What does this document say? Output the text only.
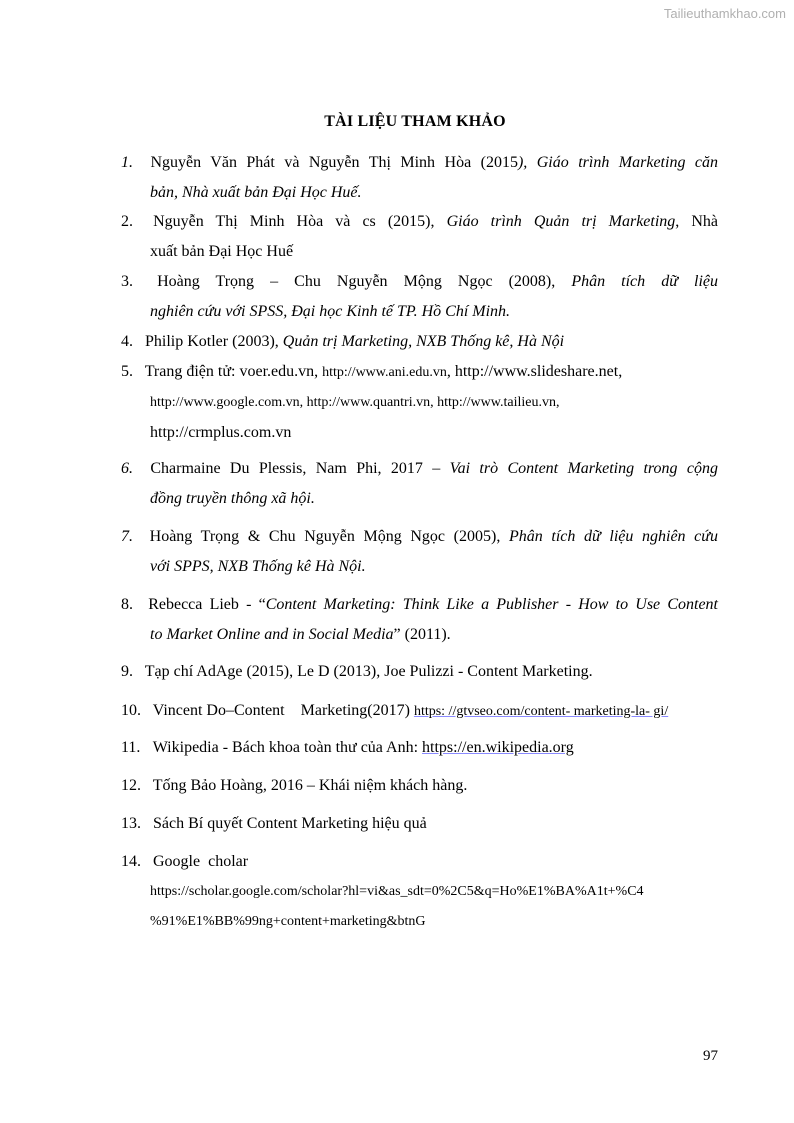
Tailieuthamkhao.com
TÀI LIỆU THAM KHẢO
1. Nguyễn Văn Phát và Nguyễn Thị Minh Hòa (2015), Giáo trình Marketing căn
bản, Nhà xuất bản Đại Học Huế.
2. Nguyễn Thị Minh Hòa và cs (2015), Giáo trình Quản trị Marketing, Nhà
xuất bản Đại Học Huế
3. Hoàng Trọng – Chu Nguyễn Mộng Ngọc (2008), Phân tích dữ liệu
nghiên cứu với SPSS, Đại học Kinh tế TP. Hồ Chí Minh.
4. Philip Kotler (2003), Quản trị Marketing, NXB Thống kê, Hà Nội
5. Trang điện tử: voer.edu.vn, http://www.ani.edu.vn, http://www.slideshare.net,
http://www.google.com.vn, http://www.quantri.vn, http://www.tailieu.vn,
http://crmplus.com.vn
6. Charmaine Du Plessis, Nam Phi, 2017 – Vai trò Content Marketing trong cộng
đồng truyền thông xã hội.
7. Hoàng Trọng & Chu Nguyễn Mộng Ngọc (2005), Phân tích dữ liệu nghiên cứu
với SPPS, NXB Thống kê Hà Nội.
8. Rebecca Lieb - “Content Marketing: Think Like a Publisher - How to Use Content
to Market Online and in Social Media” (2011).
9. Tạp chí AdAge (2015), Le D (2013), Joe Pulizzi - Content Marketing.
10. Vincent Do–Content    Marketing(2017) https: //gtvseo.com/content- marketing-la- gi/
11. Wikipedia - Bách khoa toàn thư của Anh: https://en.wikipedia.org
12. Tống Bảo Hoàng, 2016 – Khái niệm khách hàng.
13. Sách Bí quyết Content Marketing hiệu quả
14. Google  cholar
https://scholar.google.com/scholar?hl=vi&as_sdt=0%2C5&q=Ho%E1%BA%A1t+%C4
%91%E1%BB%99ng+content+marketing&btnG
97
